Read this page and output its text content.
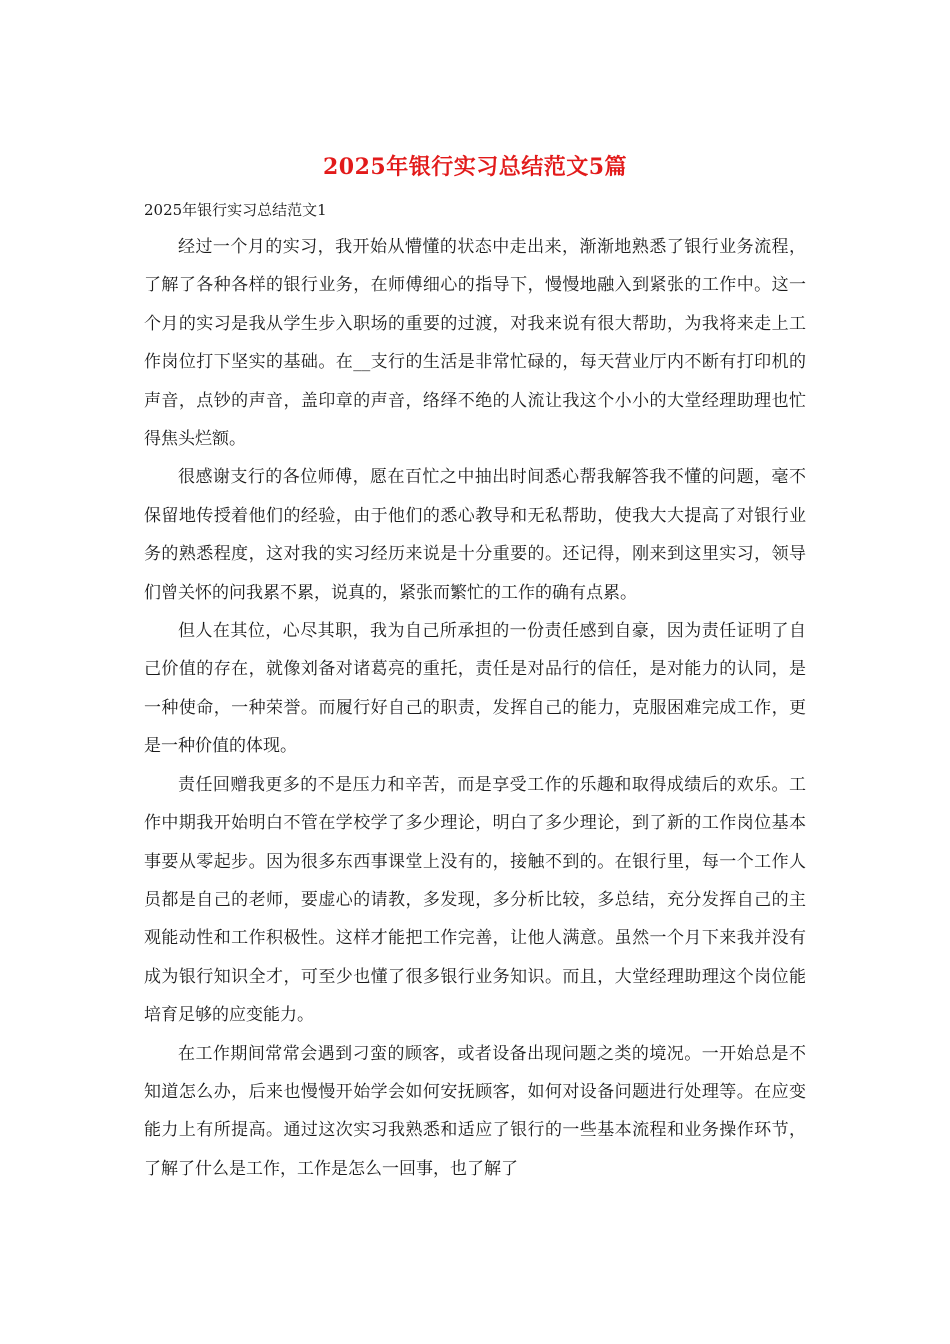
2025年银行实习总结范文5篇

2025年银行实习总结范文1

经过一个月的实习，我开始从懵懂的状态中走出来，渐渐地熟悉了银行业务流程，了解了各种各样的银行业务，在师傅细心的指导下，慢慢地融入到紧张的工作中。这一个月的实习是我从学生步入职场的重要的过渡，对我来说有很大帮助，为我将来走上工作岗位打下坚实的基础。在__支行的生活是非常忙碌的，每天营业厅内不断有打印机的声音，点钞的声音，盖印章的声音，络绎不绝的人流让我这个小小的大堂经理助理也忙得焦头烂额。

很感谢支行的各位师傅，愿在百忙之中抽出时间悉心帮我解答我不懂的问题，毫不保留地传授着他们的经验，由于他们的悉心教导和无私帮助，使我大大提高了对银行业务的熟悉程度，这对我的实习经历来说是十分重要的。还记得，刚来到这里实习，领导们曾关怀的问我累不累，说真的，紧张而繁忙的工作的确有点累。

但人在其位，心尽其职，我为自己所承担的一份责任感到自豪，因为责任证明了自己价值的存在，就像刘备对诸葛亮的重托，责任是对品行的信任，是对能力的认同，是一种使命，一种荣誉。而履行好自己的职责，发挥自己的能力，克服困难完成工作，更是一种价值的体现。

责任回赠我更多的不是压力和辛苦，而是享受工作的乐趣和取得成绩后的欢乐。工作中期我开始明白不管在学校学了多少理论，明白了多少理论，到了新的工作岗位基本事要从零起步。因为很多东西事课堂上没有的，接触不到的。在银行里，每一个工作人员都是自己的老师，要虚心的请教，多发现，多分析比较，多总结，充分发挥自己的主观能动性和工作积极性。这样才能把工作完善，让他人满意。虽然一个月下来我并没有成为银行知识全才，可至少也懂了很多银行业务知识。而且，大堂经理助理这个岗位能培育足够的应变能力。

在工作期间常常会遇到刁蛮的顾客，或者设备出现问题之类的境况。一开始总是不知道怎么办，后来也慢慢开始学会如何安抚顾客，如何对设备问题进行处理等。在应变能力上有所提高。通过这次实习我熟悉和适应了银行的一些基本流程和业务操作环节，了解了什么是工作，工作是怎么一回事，也了解了
